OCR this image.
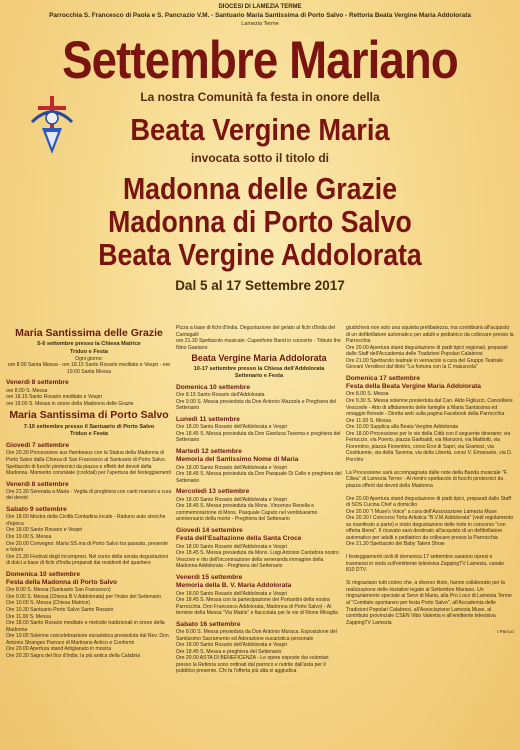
DIOCESI DI LAMEZIA TERME
Parrocchia S. Francesco di Paola e S. Pancrazio V.M. - Santuario Maria Santissima di Porto Salvo - Rettoria Beata Vergine Maria Addolorata
Lamezia Terme
Settembre Mariano
La nostra Comunità fa festa in onore della
Beata Vergine Maria
invocata sotto il titolo di
Madonna delle Grazie
Madonna di Porto Salvo
Beata Vergine Addolorata
Dal 5 al 17 Settembre 2017
Maria Santissima delle Grazie
5-6 settembre presso la Chiesa Matrice
Triduo e Festa
Ogni giorno:
ore 8.00 Santa Messa - ore 18.15 Santo Rosario meditato e Vespri - ore 19.00 Santa Messa
Venerdì 8 settembre
ore 8.00 S. Messa
ore 18.15 Santo Rosario meditato e Vespri
ore 19.00 S. Messa in onore della Madonna delle Grazie
Maria Santissima di Porto Salvo
7-10 settembre presso il Santuario di Porto Salvo
Triduo e Festa
Giovedì 7 settembre
Ore 20.30 Processione aux flambeaux con la Statua della Madonna di Porto Salvo dalla Chiesa di San Francesco al Santuario di Porto Salvo. Spettacolo di fuochi pirotecnici da piazza e effetti del devoti della Madonna. Momento conviviale (cocktail) per l'apertura dei festeggiamenti
Venerdì 8 settembre
Ore 21.30 Serenata a Maria - Veglia di preghiera con canti mariani a cura dei devoti
Sabato 9 settembre
Ore 18.00 Mostra della Civiltà Contadina locale - Raduno auto storiche d'epoca
Ore 18.00 Santo Rosario e Vespri
Ore 19.00 S. Messa
Ore 20.00 Convegno: Maria SS.ma di Porto Salvo tra passato, presente e futuro
Ore 21.30 Festival degli incompresi. Nel corso della serata degustazioni di dolci a base di fichi d'India preparati dai residenti del quartiere
Domenica 10 settembre
Festa della Madonna di Porto Salvo
Ore 8.00 S. Messa (Santuario San Francesco)
Ore 9.00 S. Messa (Chiesa B.V.Addolorata) per l'inizio del Settenario
Ore 10.00 S. Messa (Chiesa Matrice)
Ore 10.30 Santuario Porto Salvo Santo Rosario
Ore 11.00 S. Messa
Ore 18.00 Santo Rosario meditato e melodie tradizionali in onore della Madonna
Ore 19.00 Solenne concelebrazione eucaristica presieduta dal Rev. Don Antonio Stranges Parroco di Martirano Antico e Conformi
Ore 20.00 Apertura stand Artigianato in mostra
Ore 20.30 Sagra del fico d'India: la più antica della Calabria
Pizza a base di fichi d'India. Degustazione del gelato al fichi d'India del Cantagalli
ore 21.30 Spettacolo musicale: Caponforte Band in concerto - Tributo the Nino Gaetano
Beata Vergine Maria Addolorata
10-17 settembre presso la Chiesa dell'Addolorata
Settenario e Festa
Domenica 10 settembre
Ore 8.15 Santo Rosario dell'Addolorata
Ore 9.00 S. Messa presieduta da Don Antonio Mazzola e Preghiera del Settenario
Lunedì 11 settembre
Ore 18.00 Santo Rosario dell'Addolorata e Vespri
Ore 18.45 S. Messa presieduta da Don Gianluca Tavema e preghiera del Settenario
Martedì 12 settembre
Memoria del Santissimo Nome di Maria
Ore 18.00 Santo Rosario dell'Addolorata e Vespri
Ore 18.45 S. Messa presieduta da Don Pasquale Di Cello e preghiera del Settenario
Mercoledì 13 settembre
Ore 18.00 Santo Rosario dell'Addolorata e Vespri
Ore 18.45 S. Messa presieduta da Mons. Vincenzo Renella e commemorazione di Mons. Pasquale Caputo nel ventiduesimo anniversario della morte - Preghiera del Settenario
Giovedì 14 settembre
Festa dell'Esaltazione della Santa Croce
Ore 18.00 Santo Rosario dell'Addolorata e Vespri
Ore 18.45 S. Messa presieduta da Mons. Luigi Antonio Cantafora nostro Vescovo e rito dell'incoronazione della veneranda immagine della Madonna Addolorata - Preghiera del Settenario
Venerdì 15 settembre
Memoria della B. V. Maria Addolorata
Ore 18.00 Santo Rosario dell'Addolorata e Vespri
Ore 18.45 S. Messa con la partecipazione dei Portantini della nostra Parrocchia. Don Francesco Addolorata, Madonna di Porto Salvo) - Al termine della Messa "Via Matris" e fiaccolata per le vie di Rione Miraglia
Sabato 16 settembre
Ore 8.00 S. Messa presieduta da Don Antonio Muraca. Esposizione del Santissimo Sacramento ed Adorazione eucaristica personale
Ore 18.00 Santo Rosario dell'Addolorata e Vespri
Ore 18.45 S. Messa e preghiera del Settenario
Ore 20.00 ASTA DI BENEFICENZA - Le opere esposte dai volontari presso la Rettoria sono ordinati dal parroco e nutrite dall'asta per il pubblico presente. Chi fa l'offerta più alta si aggiudica
giudicherà non solo una squisita prelibatezza, ma contribuirà all'acquisto di un defibrillatore automatico per adulti e pediatrico da collocare presso la Parrocchia
Ore 20.00 Apertura stand degustazione di piatti tipici regionali, preparati dallo Staff dell'Accademia delle Tradizioni Popolari Calabresi
Ore 21.00 Spettacolo teatrale in vernacolo a cura del Gruppo Teatrale Giovani Versiliesi dal titolo "La fortuna con la C maiuscola"
Domenica 17 settembre
Festa della Beata Vergine Maria Addolorata
Ore 8.00 S. Messa
Ore 9.30 S. Messa solenne presieduta dal Can. Aldo Figliuzzi, Cancelliere Vescovile - Atto di affidamento delle famiglie a Maria Santissima ed omaggio floreale - Diretta web sulla pagina Facebook della Parrocchia
Ore 11.00 S. Messa
Ore 10.00 Supplica alla Beata Vergine Addolorata
Ore 18.00 Processione per le vie della Città con il seguente itinerario: via Ferruccio, via Poerio, piazza Garibaldi, via Manzoni, via Mattiotti, via Fiorentino, piazza Fiorentino, corso Eroi di Sapri, via Gramsci, via Costituente, via della Tavema, via della Libertà, corso V. Emanuele, via D. Porchio

La Processione sarà accompagnata dalle note della Banda musicale "F. Ciliea" di Lamezia Terme - Al rientro spettacolo di fuochi pirotecnici da piazza offerti dai devoti della Madonna

Ore 20.00 Apertura stand degustazione di piatti tipici, preparati dallo Staff di SOS Cucina Chef a domicilio
Ore 20.00 "I Muse's Voice" a cura dell'Associazione Lamezia Muse
Ore 20.30 I Concorso Torta Artistica "B.V.M.Addolorata" (vedi regolamento su manifesto a parte) e inizio degustazione delle torte in concorso "con offerta libera". Il ricavato sarà destinato all'acquisto di un defibrillatore automatico per adulti e pediatrico da collocare presso la Parrocchia
Ore 21.30 Spettacolo dei Baby Talent Show

I festeggiamenti civili di domenica 17 settembre saranno ripresi e trasmessi in onda sull'emittente televisiva ZappingTV Lamezia, canale 810 DTV.

Si ringraziano tutti coloro che, a diverso titolo, hanno collaborato per la realizzazione delle iniziative legate al Settembre Mariano. Un ringraziamento speciale ai Servi di Maria, alla Pro Loco di Lamezia Terme al "Comitato spontaneo per festa Porto Salvo", all'Accademia delle Tradizioni Popolari Calabresi, all'Associazione Lamezia Muse, al contributo provinciale CSEN Vibo Valentia e all'emittente televisiva ZappingTV Lamezia
I Parroci
